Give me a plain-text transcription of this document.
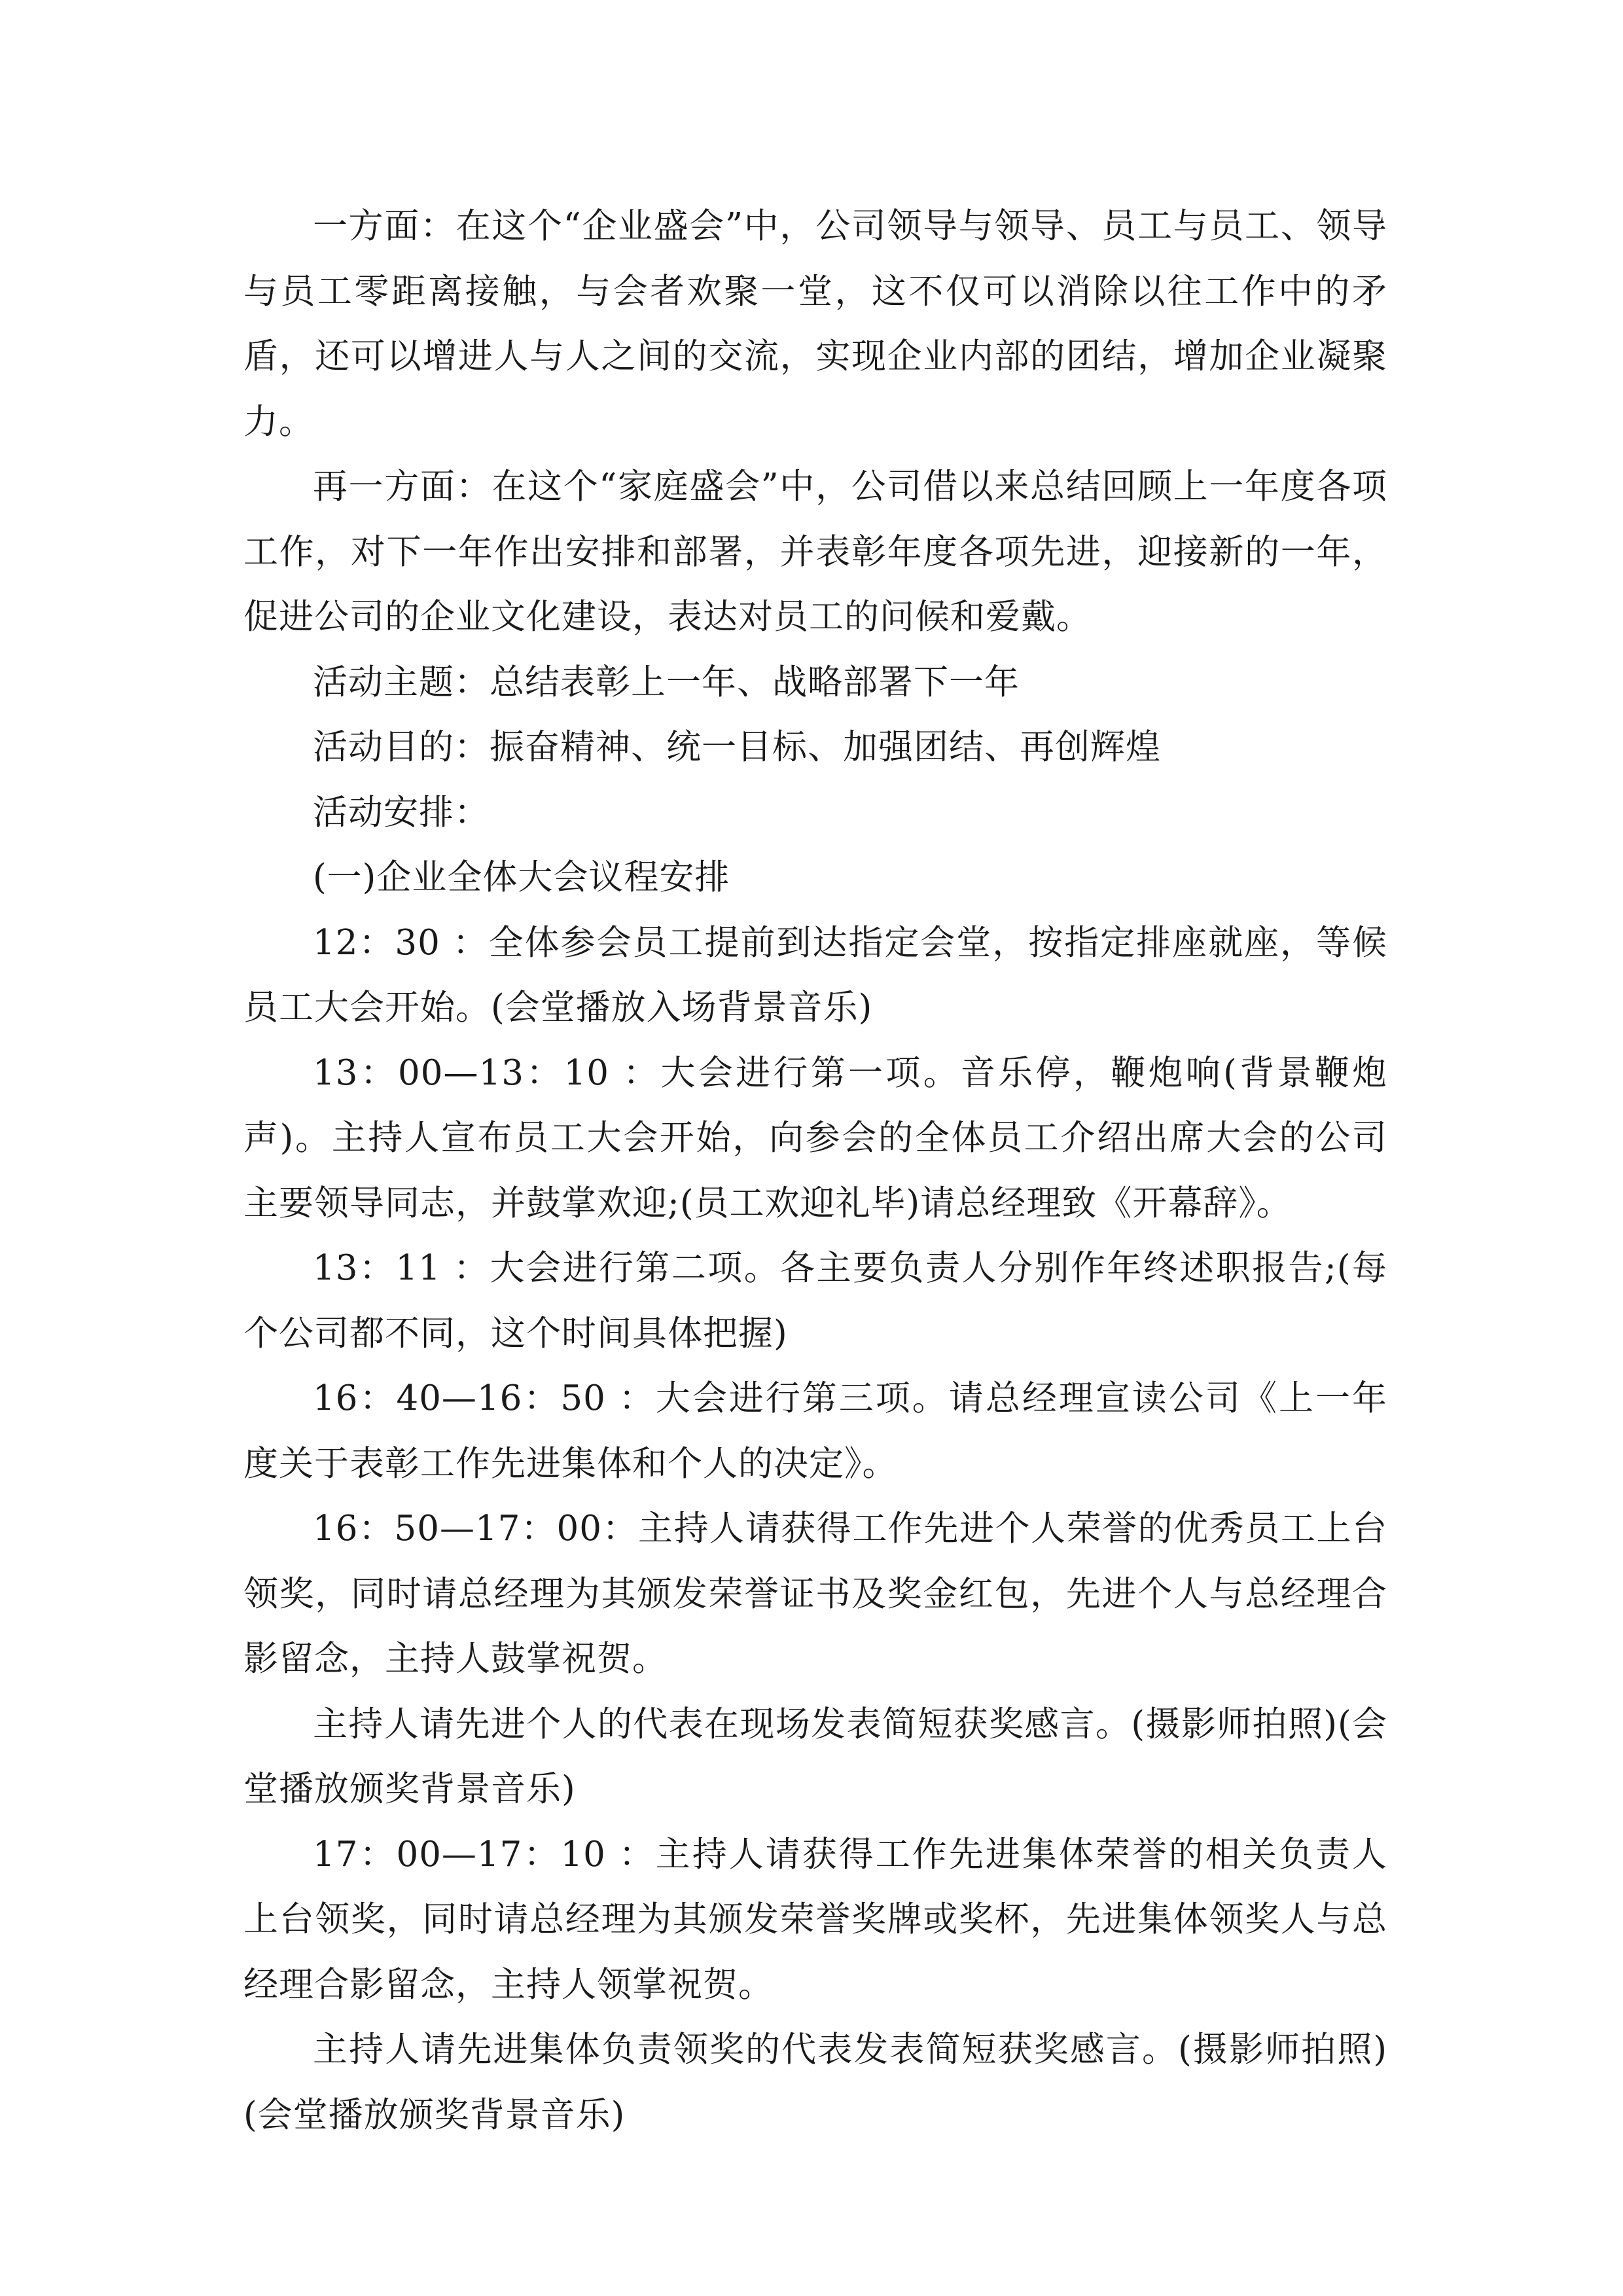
一方面：在这个“企业盛会”中，公司领导与领导、员工与员工、领导与员工零距离接触，与会者欢聚一堂，这不仅可以消除以往工作中的矛盾，还可以增进人与人之间的交流，实现企业内部的团结，增加企业凝聚力。

再一方面：在这个“家庭盛会”中，公司借以来总结回顾上一年度各项工作，对下一年作出安排和部署，并表彰年度各项先进，迎接新的一年，促进公司的企业文化建设，表达对员工的问候和爱戴。

活动主题：总结表彰上一年、战略部署下一年

活动目的：振奋精神、统一目标、加强团结、再创辉煌

活动安排：

(一)企业全体大会议程安排

12：30 ：全体参会员工提前到达指定会堂，按指定排座就座，等候员工大会开始。(会堂播放入场背景音乐)

13：00—13：10 ：大会进行第一项。音乐停，鞭炮响(背景鞭炮声)。主持人宣布员工大会开始，向参会的全体员工介绍出席大会的公司主要领导同志，并鼓掌欢迎;(员工欢迎礼毕)请总经理致《开幕辞》。

13：11 ：大会进行第二项。各主要负责人分别作年终述职报告;(每个公司都不同，这个时间具体把握)

16：40—16：50 ：大会进行第三项。请总经理宣读公司《上一年度关于表彰工作先进集体和个人的决定》。

16：50—17：00：主持人请获得工作先进个人荣誉的优秀员工上台领奖，同时请总经理为其颁发荣誉证书及奖金红包，先进个人与总经理合影留念，主持人鼓掌祝贺。

主持人请先进个人的代表在现场发表简短获奖感言。(摄影师拍照)(会堂播放颁奖背景音乐)

17：00—17：10 ：主持人请获得工作先进集体荣誉的相关负责人上台领奖，同时请总经理为其颁发荣誉奖牌或奖杯，先进集体领奖人与总经理合影留念，主持人领掌祝贺。

主持人请先进集体负责领奖的代表发表简短获奖感言。(摄影师拍照)(会堂播放颁奖背景音乐)
